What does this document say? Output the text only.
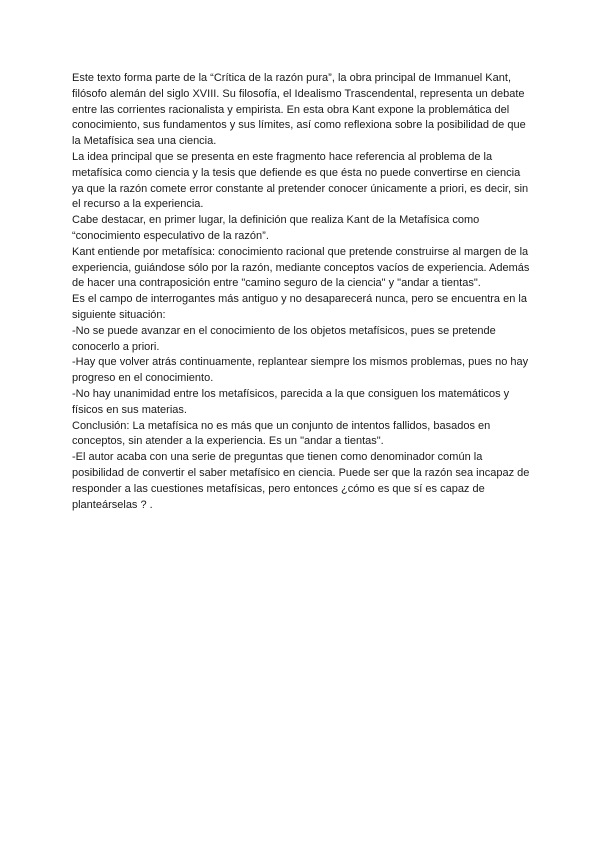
Este texto forma parte de la “Crítica de la razón pura”, la obra principal de Immanuel Kant, filósofo alemán del siglo XVIII. Su filosofía, el Idealismo Trascendental, representa un debate entre las corrientes racionalista y empirista. En esta obra Kant expone la problemática del conocimiento, sus fundamentos y sus límites, así como reflexiona sobre la posibilidad de que la Metafísica sea una ciencia.

La idea principal que se presenta en este fragmento hace referencia al problema de la metafísica como ciencia y la tesis que defiende es que ésta no puede convertirse en ciencia ya que la razón comete error constante al pretender conocer únicamente a priori, es decir, sin el recurso a la experiencia.

Cabe destacar, en primer lugar, la definición que realiza Kant de la Metafísica como “conocimiento especulativo de la razón”.

Kant entiende por metafísica: conocimiento racional que pretende construirse al margen de la experiencia, guiándose sólo por la razón, mediante conceptos vacíos de experiencia. Además de hacer una contraposición entre "camino seguro de la ciencia" y "andar a tientas".

Es el campo de interrogantes más antiguo y no desaparecerá nunca, pero se encuentra en la siguiente situación:

-No se puede avanzar en el conocimiento de los objetos metafísicos, pues se pretende conocerlo a priori.

-Hay que volver atrás continuamente, replantear siempre los mismos problemas, pues no hay progreso en el conocimiento.

-No hay unanimidad entre los metafísicos, parecida a la que consiguen los matemáticos y físicos en sus materias.

Conclusión: La metafísica no es más que un conjunto de intentos fallidos, basados en conceptos, sin atender a la experiencia. Es un "andar a tientas".

-El autor acaba con una serie de preguntas que tienen como denominador común la posibilidad de convertir el saber metafísico en ciencia. Puede ser que la razón sea incapaz de responder a las cuestiones metafísicas, pero entonces ¿cómo es que sí es capaz de planteárselas ? .
